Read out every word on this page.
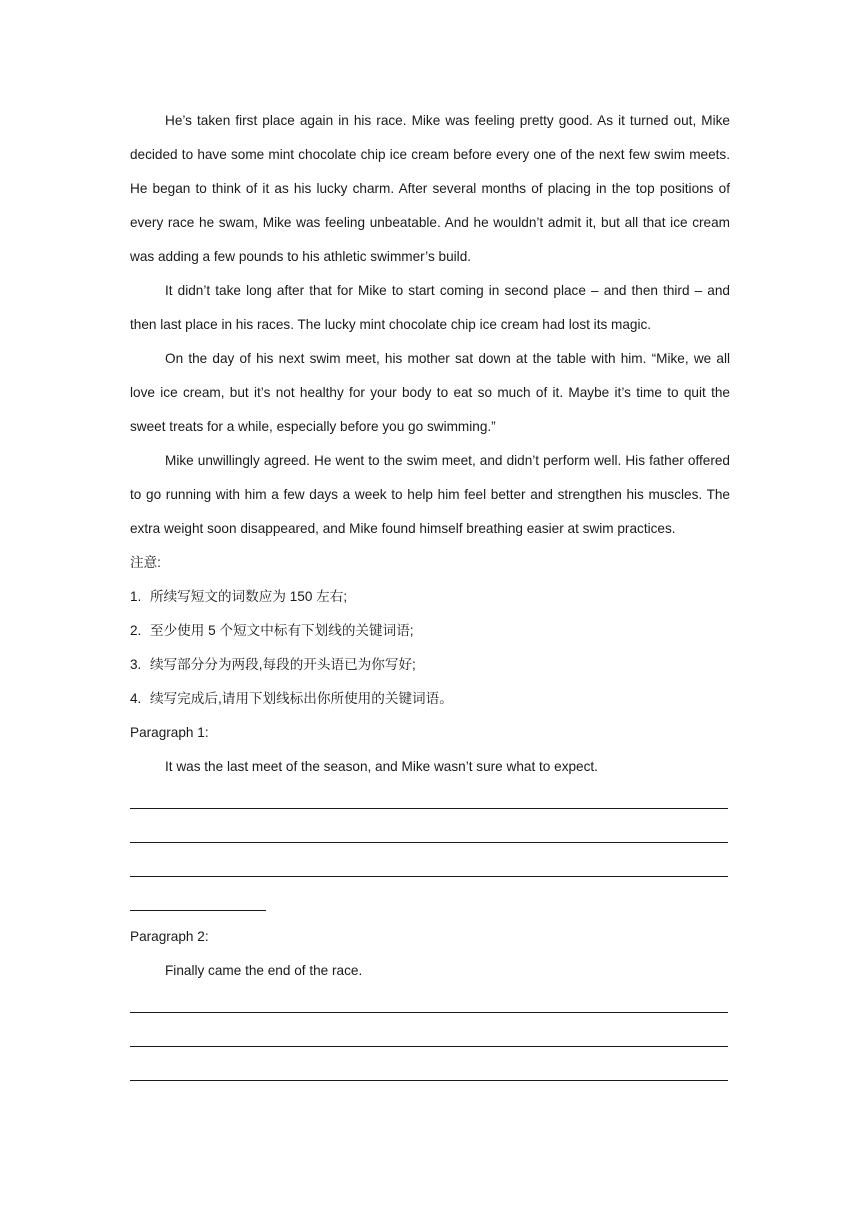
He’s taken first place again in his race. Mike was feeling pretty good. As it turned out, Mike decided to have some mint chocolate chip ice cream before every one of the next few swim meets. He began to think of it as his lucky charm. After several months of placing in the top positions of every race he swam, Mike was feeling unbeatable. And he wouldn’t admit it, but all that ice cream was adding a few pounds to his athletic swimmer’s build.

It didn’t take long after that for Mike to start coming in second place – and then third – and then last place in his races. The lucky mint chocolate chip ice cream had lost its magic.

On the day of his next swim meet, his mother sat down at the table with him. “Mike, we all love ice cream, but it’s not healthy for your body to eat so much of it. Maybe it’s time to quit the sweet treats for a while, especially before you go swimming.”

Mike unwillingly agreed. He went to the swim meet, and didn’t perform well. His father offered to go running with him a few days a week to help him feel better and strengthen his muscles. The extra weight soon disappeared, and Mike found himself breathing easier at swim practices.

注意:

1. 所续写短文的词数应为 150 左右;

2. 至少使用 5 个短文中标有下划线的关键词语;

3. 续写部分分为两段,每段的开头语已为你写好;

4. 续写完成后,请用下划线标出你所使用的关键词语。

Paragraph 1:

It was the last meet of the season, and Mike wasn’t sure what to expect.

Paragraph 2:

Finally came the end of the race.
